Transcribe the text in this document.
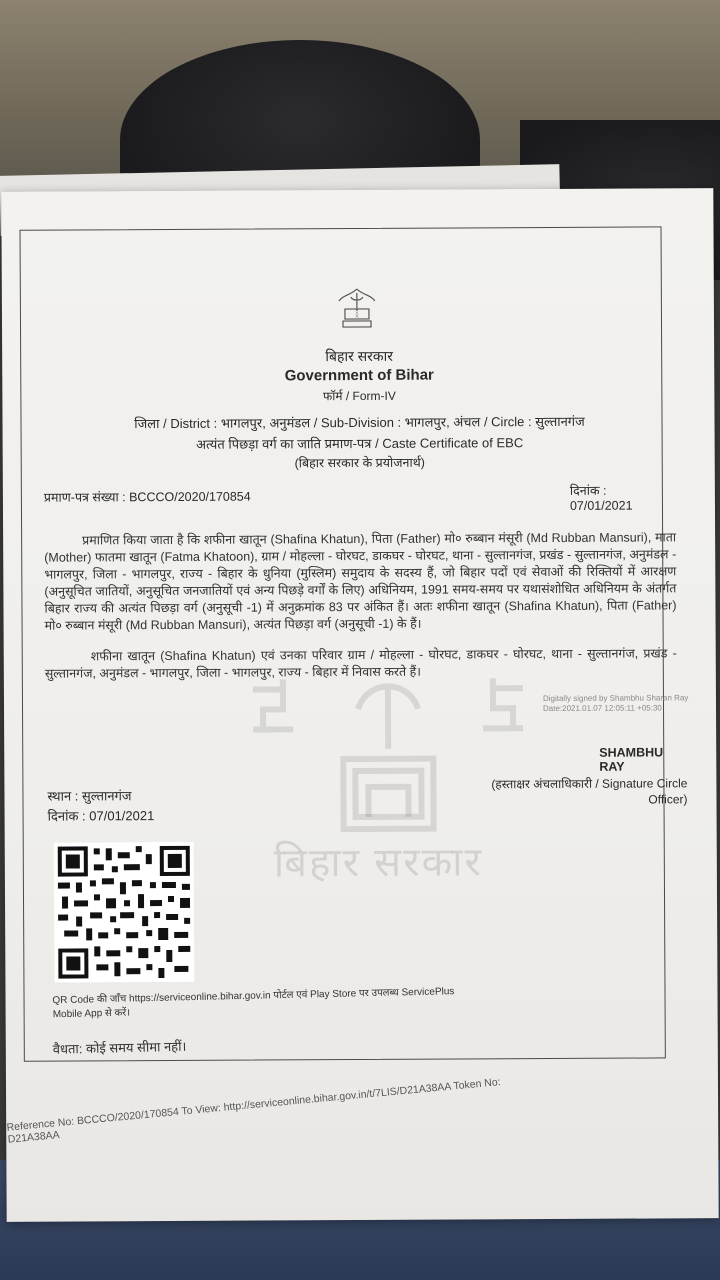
बिहार सरकार
ᛝ
बिहार सरकार
Government of Bihar
फॉर्म / Form-IV
जिला / District : भागलपुर, अनुमंडल / Sub-Division : भागलपुर, अंचल / Circle : सुल्तानगंज
अत्यंत पिछड़ा वर्ग का जाति प्रमाण-पत्र / Caste Certificate of EBC
(बिहार सरकार के प्रयोजनार्थ)
प्रमाण-पत्र संख्या : BCCCO/2020/170854	दिनांक : 07/01/2021
प्रमाणित किया जाता है कि शफीना खातून (Shafina Khatun), पिता (Father) मो० रुब्बान मंसूरी (Md Rubban Mansuri), माता (Mother) फातमा खातून (Fatma Khatoon), ग्राम / मोहल्ला - घोरघट, डाकघर - घोरघट, थाना - सुल्तानगंज, प्रखंड - सुल्तानगंज, अनुमंडल - भागलपुर, जिला - भागलपुर, राज्य - बिहार के धुनिया (मुस्लिम) समुदाय के सदस्य हैं, जो बिहार पदों एवं सेवाओं की रिक्तियों में आरक्षण (अनुसूचित जातियों, अनुसूचित जनजातियों एवं अन्य पिछड़े वर्गों के लिए) अधिनियम, 1991 समय-समय पर यथासंशोधित अधिनियम के अंतर्गत बिहार राज्य की अत्यंत पिछड़ा वर्ग (अनुसूची -1) में अनुक्रमांक 83 पर अंकित हैं। अतः शफीना खातून (Shafina Khatun), पिता (Father) मो० रुब्बान मंसूरी (Md Rubban Mansuri), अत्यंत पिछड़ा वर्ग (अनुसूची -1) के हैं।
शफीना खातून (Shafina Khatun) एवं उनका परिवार ग्राम / मोहल्ला - घोरघट, डाकघर - घोरघट, थाना - सुल्तानगंज, प्रखंड - सुल्तानगंज, अनुमंडल - भागलपुर, जिला - भागलपुर, राज्य - बिहार में निवास करते हैं।
Digitally signed by Shambhu Sharan Ray
Date:2021.01.07 12:05:11 +05:30
SHAMBHU RAY
(हस्ताक्षर अंचलाधिकारी / Signature Circle Officer)
स्थान : सुल्तानगंज
दिनांक : 07/01/2021
QR Code की जाँच https://serviceonline.bihar.gov.in पोर्टल एवं Play Store पर उपलब्ध ServicePlus Mobile App से करें।
वैधता: कोई समय सीमा नहीं।
Reference No: BCCCO/2020/170854 To View: http://serviceonline.bihar.gov.in/t/7LIS/D21A38AA Token No: D21A38AA
